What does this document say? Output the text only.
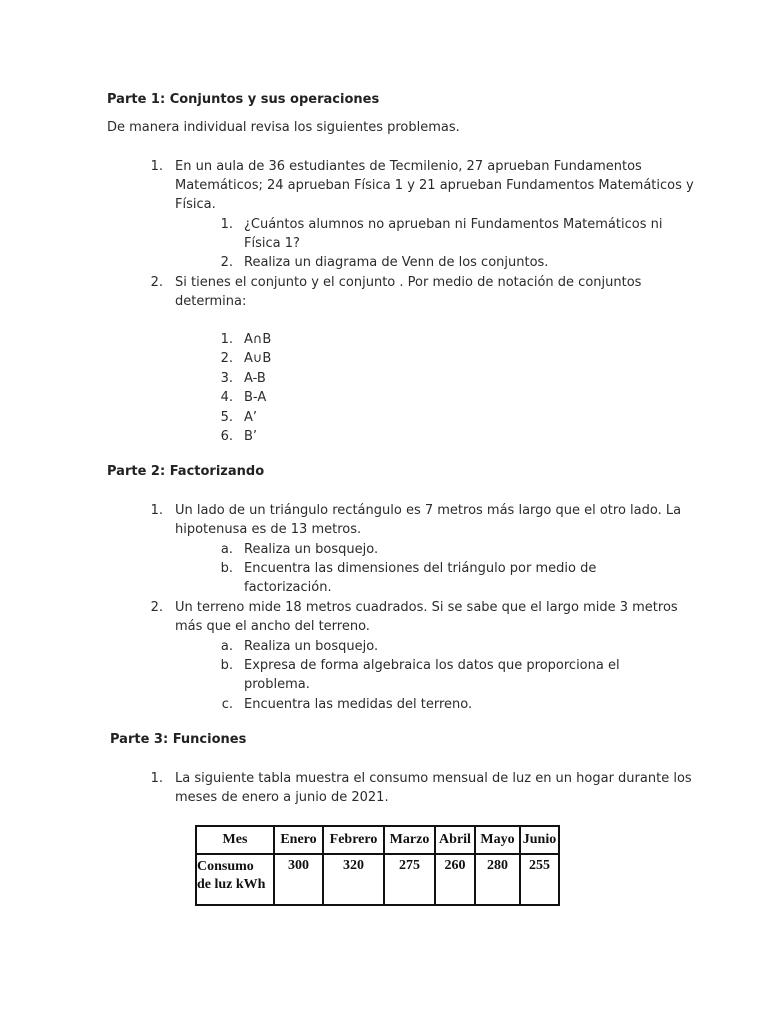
Parte 1: Conjuntos y sus operaciones
De manera individual revisa los siguientes problemas.
1. En un aula de 36 estudiantes de Tecmilenio, 27 aprueban Fundamentos
Matemáticos; 24 aprueban Física 1 y 21 aprueban Fundamentos Matemáticos y
Física.
1. ¿Cuántos alumnos no aprueban ni Fundamentos Matemáticos ni
Física 1?
2. Realiza un diagrama de Venn de los conjuntos.
2. Si tienes el conjunto y el conjunto . Por medio de notación de conjuntos
determina:
1. A∩B
2. A∪B
3. A-B
4. B-A
5. A’
6. B’
Parte 2: Factorizando
1. Un lado de un triángulo rectángulo es 7 metros más largo que el otro lado. La
hipotenusa es de 13 metros.
a. Realiza un bosquejo.
b. Encuentra las dimensiones del triángulo por medio de
factorización.
2. Un terreno mide 18 metros cuadrados. Si se sabe que el largo mide 3 metros
más que el ancho del terreno.
a. Realiza un bosquejo.
b. Expresa de forma algebraica los datos que proporciona el
problema.
c. Encuentra las medidas del terreno.
Parte 3: Funciones
1. La siguiente tabla muestra el consumo mensual de luz en un hogar durante los
meses de enero a junio de 2021.
Mes	Enero	Febrero	Marzo	Abril	Mayo	Junio
Consumo
de luz kWh	300	320	275	260	280	255
